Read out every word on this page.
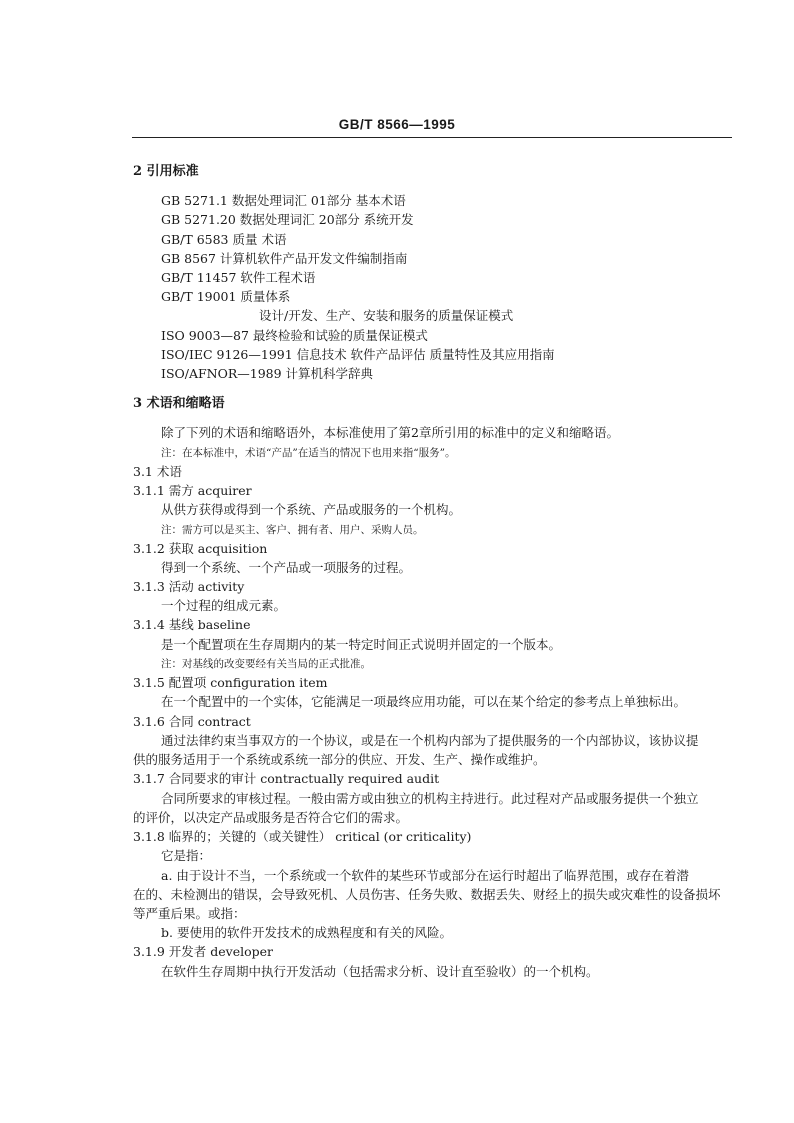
GB/T 8566—1995
2 引用标准
GB 5271.1 数据处理词汇 01部分 基本术语
GB 5271.20 数据处理词汇 20部分 系统开发
GB/T 6583 质量 术语
GB 8567 计算机软件产品开发文件编制指南
GB/T 11457 软件工程术语
GB/T 19001 质量体系
设计/开发、生产、安装和服务的质量保证模式
ISO 9003—87 最终检验和试验的质量保证模式
ISO/IEC 9126—1991 信息技术 软件产品评估 质量特性及其应用指南
ISO/AFNOR—1989 计算机科学辞典
3 术语和缩略语
除了下列的术语和缩略语外，本标准使用了第2章所引用的标准中的定义和缩略语。
注：在本标准中，术语“产品”在适当的情况下也用来指“服务”。
3.1 术语
3.1.1 需方 acquirer
从供方获得或得到一个系统、产品或服务的一个机构。
注：需方可以是买主、客户、拥有者、用户、采购人员。
3.1.2 获取 acquisition
得到一个系统、一个产品或一项服务的过程。
3.1.3 活动 activity
一个过程的组成元素。
3.1.4 基线 baseline
是一个配置项在生存周期内的某一特定时间正式说明并固定的一个版本。
注：对基线的改变要经有关当局的正式批准。
3.1.5 配置项 configuration item
在一个配置中的一个实体，它能满足一项最终应用功能，可以在某个给定的参考点上单独标出。
3.1.6 合同 contract
通过法律约束当事双方的一个协议，或是在一个机构内部为了提供服务的一个内部协议，该协议提
供的服务适用于一个系统或系统一部分的供应、开发、生产、操作或维护。
3.1.7 合同要求的审计 contractually required audit
合同所要求的审核过程。一般由需方或由独立的机构主持进行。此过程对产品或服务提供一个独立
的评价，以决定产品或服务是否符合它们的需求。
3.1.8 临界的；关键的（或关键性） critical (or criticality)
它是指：
a. 由于设计不当，一个系统或一个软件的某些环节或部分在运行时超出了临界范围，或存在着潜
在的、未检测出的错误，会导致死机、人员伤害、任务失败、数据丢失、财经上的损失或灾难性的设备损坏
等严重后果。或指：
b. 要使用的软件开发技术的成熟程度和有关的风险。
3.1.9 开发者 developer
在软件生存周期中执行开发活动（包括需求分析、设计直至验收）的一个机构。
